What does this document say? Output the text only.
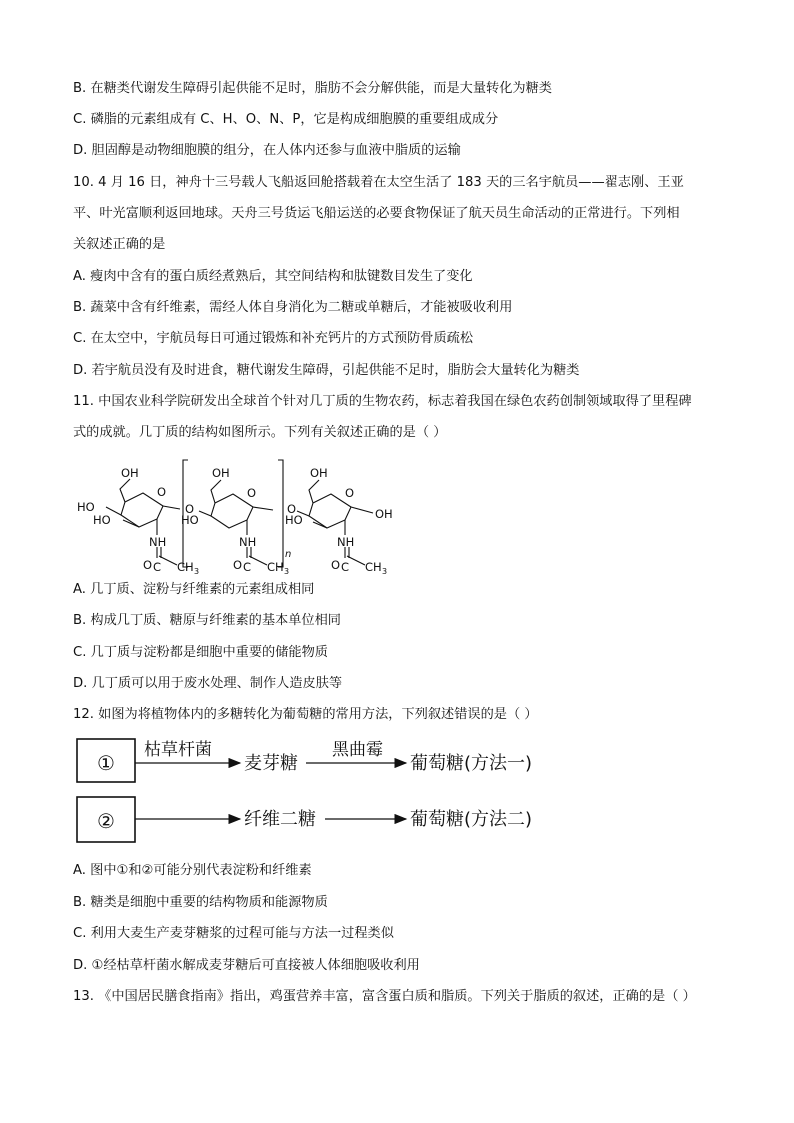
B. 在糖类代谢发生障碍引起供能不足时，脂肪不会分解供能，而是大量转化为糖类
C. 磷脂的元素组成有 C、H、O、N、P，它是构成细胞膜的重要组成成分
D. 胆固醇是动物细胞膜的组分，在人体内还参与血液中脂质的运输
10. 4 月 16 日，神舟十三号载人飞船返回舱搭载着在太空生活了 183 天的三名宇航员——翟志刚、王亚
平、叶光富顺利返回地球。天舟三号货运飞船运送的必要食物保证了航天员生命活动的正常进行。下列相
关叙述正确的是
A. 瘦肉中含有的蛋白质经煮熟后，其空间结构和肽键数目发生了变化
B. 蔬菜中含有纤维素，需经人体自身消化为二糖或单糖后，才能被吸收利用
C. 在太空中，宇航员每日可通过锻炼和补充钙片的方式预防骨质疏松
D. 若宇航员没有及时进食，糖代谢发生障碍，引起供能不足时，脂肪会大量转化为糖类
11. 中国农业科学院研发出全球首个针对几丁质的生物农药，标志着我国在绿色农药创制领域取得了里程碑
式的成就。几丁质的结构如图所示。下列有关叙述正确的是（ ）
OH
HO
HO
O
NH
O C CH 3
O
OH
HO
O
NH
O C CH 3
n
O
OH
HO
O
NH
O C CH 3
OH
A. 几丁质、淀粉与纤维素的元素组成相同
B. 构成几丁质、糖原与纤维素的基本单位相同
C. 几丁质与淀粉都是细胞中重要的储能物质
D. 几丁质可以用于废水处理、制作人造皮肤等
12. 如图为将植物体内的多糖转化为葡萄糖的常用方法，下列叙述错误的是（ ）
①
②
枯草杆菌
麦芽糖
黑曲霉
葡萄糖(方法一)
纤维二糖	葡萄糖(方法二)
A. 图中①和②可能分别代表淀粉和纤维素
B. 糖类是细胞中重要的结构物质和能源物质
C. 利用大麦生产麦芽糖浆的过程可能与方法一过程类似
D. ①经枯草杆菌水解成麦芽糖后可直接被人体细胞吸收利用
13. 《中国居民膳食指南》指出，鸡蛋营养丰富，富含蛋白质和脂质。下列关于脂质的叙述，正确的是（ ）
